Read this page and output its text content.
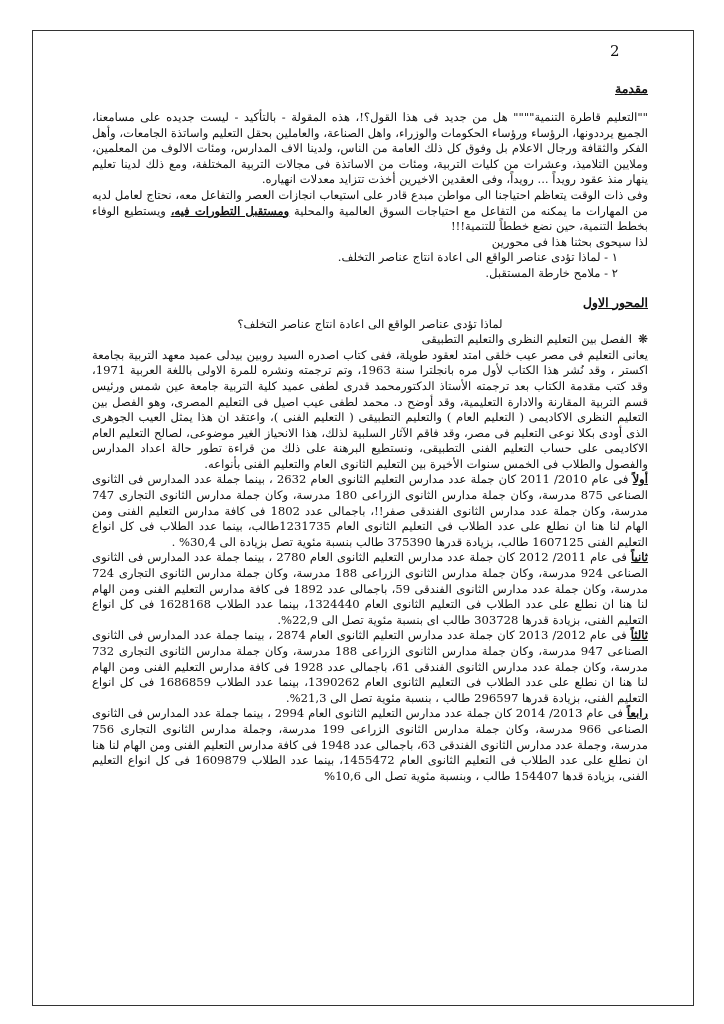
2
مقدمة

""التعليم قاطرة التنمية"""" هل من جديد فى هذا القول؟!، هذه المقولة - بالتأكيد - ليست جديده على مسامعنا، الجميع يرددونها، الرؤساء ورؤساء الحكومات والوزراء، واهل الصناعة، والعاملين بحقل التعليم واساتذة الجامعات، وأهل الفكر والثقافة ورجال الاعلام بل وفوق كل ذلك العامة من الناس، ولدينا الاف المدارس، ومئات الالوف من المعلمين، وملايين التلاميذ، وعشرات من كليات التربية، ومئات من الاساتذة فى مجالات التربية المختلفة، ومع ذلك لدينا تعليم ينهار منذ عقود رويداً ... رويداً، وفى العقدين الاخيرين أخذت تتزايد معدلات انهياره.

وفى ذات الوقت يتعاظم احتياجنا الى مواطن مبدع قادر على استيعاب انجازات العصر والتفاعل معه، نحتاج لعامل لديه من المهارات ما يمكنه من التفاعل مع احتياجات السوق العالمية والمحلية ومستقبل التطورات فيه، ويستطيع الوفاء بخطط التنمية، حين نضع خططاً للتنمية!!!

لذا سيحوى بحثنا هذا فى محورين

١ - لماذا تؤدى عناصر الواقع الى اعادة انتاج عناصر التخلف.
٢ - ملامح خارطة المستقبل.
المحور الاول

لماذا تؤدى عناصر الواقع الى اعادة انتاج عناصر التخلف؟

❋الفصل بين التعليم النظرى والتعليم التطبيقى

يعانى التعليم فى مصر عيب خلقى امتد لعقود طويلة، ففى كتاب اصدره السيد روبين بيدلى عميد معهد التربية بجامعة اكستر ، وقد نُشر هذا الكتاب لأول مره بانجلترا سنة 1963، وتم ترجمته ونشره للمرة الاولى باللغة العربية 1971، وقد كتب مقدمة الكتاب بعد ترجمته الأستاذ الدكتورمحمد قدرى لطفى عميد كلية التربية جامعة عين شمس ورئيس قسم التربية المقارنة والادارة التعليمية، وقد أوضح د. محمد لطفى عيب اصيل فى التعليم المصرى، وهو الفصل بين التعليم النظرى الاكاديمى ( التعليم العام ) والتعليم التطبيقى ( التعليم الفنى )، واعتقد ان هذا يمثل العيب الجوهرى الذى أودى بكلا نوعى التعليم فى مصر، وقد فاقم الآثار السلبية لذلك، هذا الانحياز الغير موضوعى، لصالح التعليم العام الاكاديمى على حساب التعليم الفنى التطبيقى، ونستطيع البرهنة على ذلك من قراءة تطور حالة اعداد المدارس والفصول والطلاب فى الخمس سنوات الأخيرة بين التعليم الثانوى العام والتعليم الفنى بأنواعه.

أولاً فى عام 2010/ 2011 كان جملة عدد مدارس التعليم الثانوى العام 2632 ، بينما جملة عدد المدارس فى الثانوى الصناعى 875 مدرسة، وكان جملة مدارس الثانوى الزراعى 180 مدرسة، وكان جملة مدارس الثانوى التجارى 747 مدرسة، وكان جملة عدد مدارس الثانوى الفندقى صفر!!، باجمالى عدد 1802 فى كافة مدارس التعليم الفنى ومن الهام لنا هنا ان نطلع على عدد الطلاب فى التعليم الثانوى العام 1231735طالب، بينما عدد الطلاب فى كل انواع التعليم الفنى 1607125 طالب، بزيادة قدرها 375390 طالب بنسبة مئوية تصل بزيادة الى 30,4% .

ثانياً فى عام 2011/ 2012 كان جملة عدد مدارس التعليم الثانوى العام 2780 ، بينما جملة عدد المدارس فى الثانوى الصناعى 924 مدرسة، وكان جملة مدارس الثانوى الزراعى 188 مدرسة، وكان جملة مدارس الثانوى التجارى 724 مدرسة، وكان جملة عدد مدارس الثانوى الفندقى 59، باجمالى عدد 1892 فى كافة مدارس التعليم الفنى ومن الهام لنا هنا ان نطلع على عدد الطلاب فى التعليم الثانوى العام 1324440، بينما عدد الطلاب 1628168 فى كل انواع التعليم الفنى، بزيادة قدرها 303728 طالب اى بنسبة مئوية تصل الى 22,9%.

ثالثاً فى عام 2012/ 2013 كان جملة عدد مدارس التعليم الثانوى العام 2874 ، بينما جملة عدد المدارس فى الثانوى الصناعى 947 مدرسة، وكان جملة مدارس الثانوى الزراعى 188 مدرسة، وكان جملة مدارس الثانوى التجارى 732 مدرسة، وكان جملة عدد مدارس الثانوى الفندقى 61، باجمالى عدد 1928 فى كافة مدارس التعليم الفنى ومن الهام لنا هنا ان نطلع على عدد الطلاب فى التعليم الثانوى العام 1390262، بينما عدد الطلاب 1686859 فى كل انواع التعليم الفنى، بزيادة قدرها 296597 طالب ، بنسبة مئوية تصل الى 21,3%.

رابعاً فى عام 2013/ 2014 كان جملة عدد مدارس التعليم الثانوى العام 2994 ، بينما جملة عدد المدارس فى الثانوى الصناعى 966 مدرسة، وكان جملة مدارس الثانوى الزراعى 199 مدرسة، وجملة مدارس الثانوى التجارى 756 مدرسة، وجملة عدد مدارس الثانوى الفندقى 63، باجمالى عدد 1948 فى كافة مدارس التعليم الفنى ومن الهام لنا هنا ان نطلع على عدد الطلاب فى التعليم الثانوى العام 1455472، بينما عدد الطلاب 1609879 فى كل انواع التعليم الفنى، بزيادة قدها 154407 طالب ، وبنسبة مئوية تصل الى 10,6%
